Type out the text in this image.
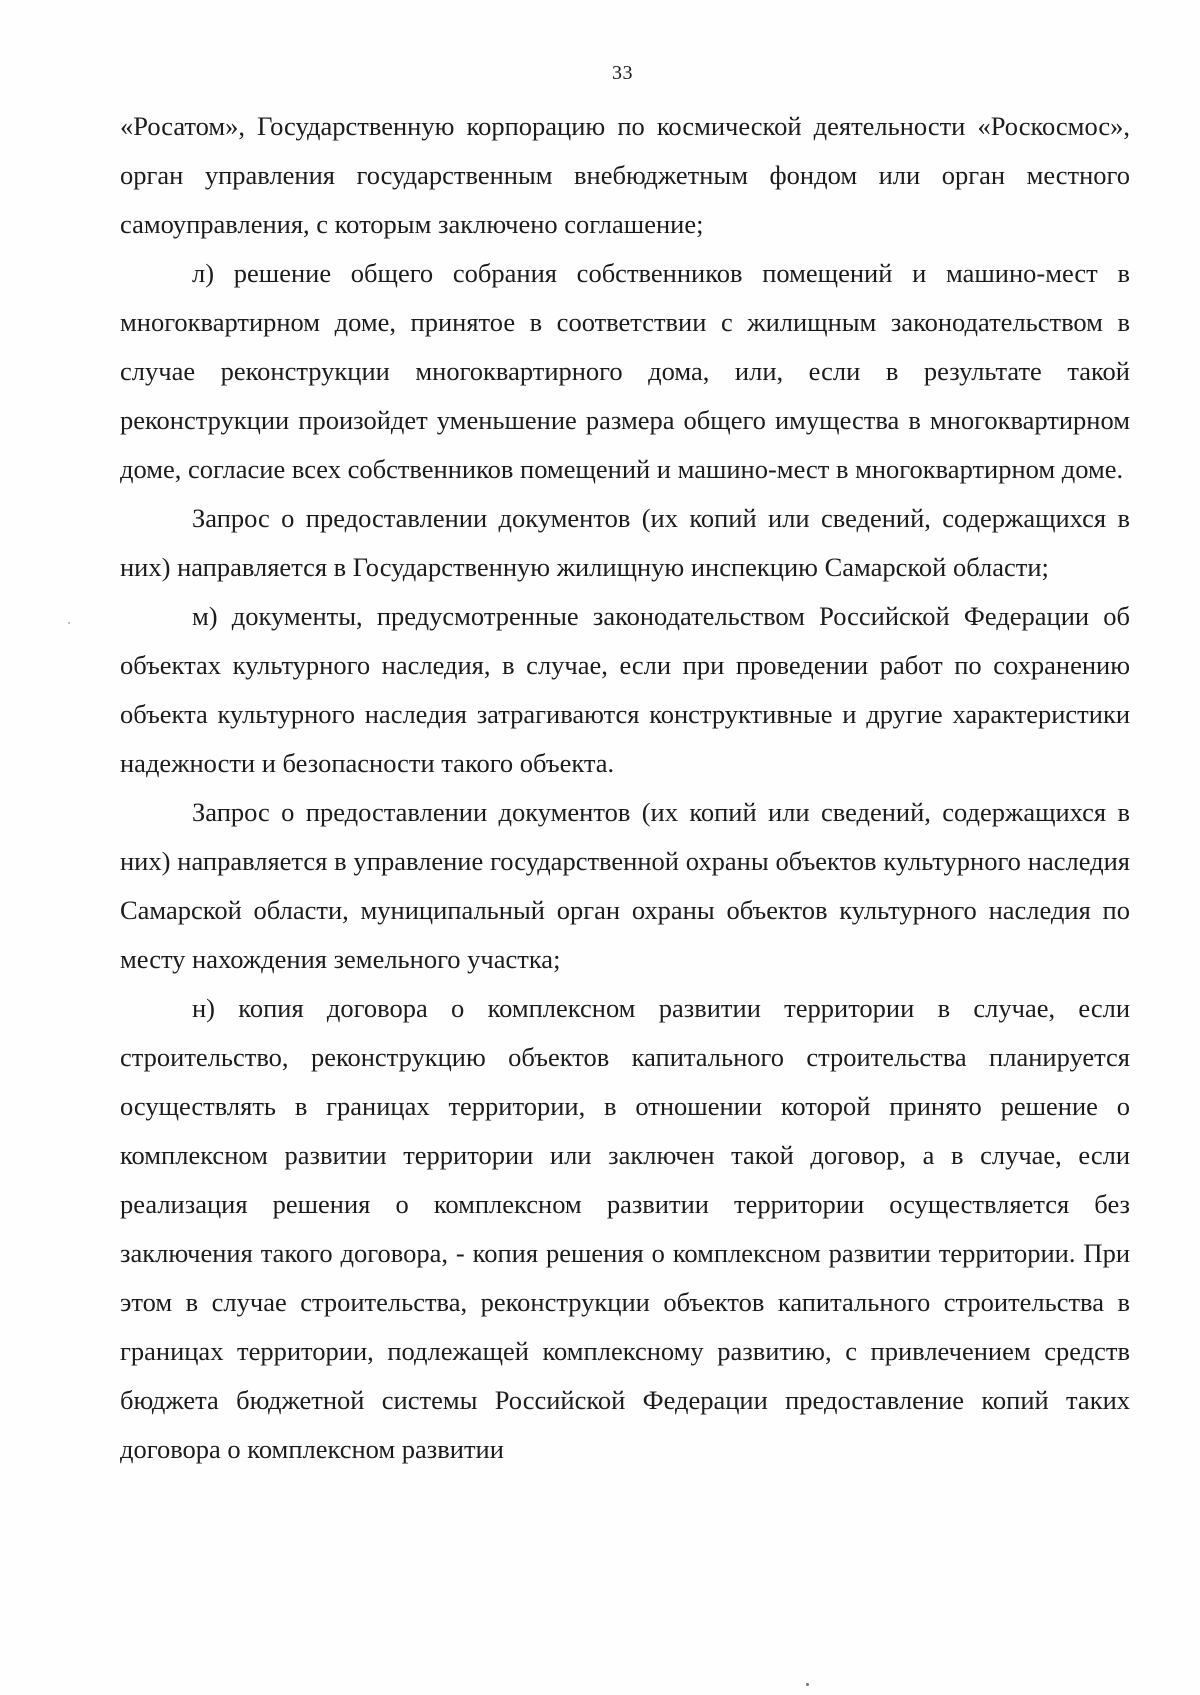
33

«Росатом», Государственную корпорацию по космической деятельности «Роскосмос», орган управления государственным внебюджетным фондом или орган местного самоуправления, с которым заключено соглашение;

л) решение общего собрания собственников помещений и машино-мест в многоквартирном доме, принятое в соответствии с жилищным законодательством в случае реконструкции многоквартирного дома, или, если в результате такой реконструкции произойдет уменьшение размера общего имущества в многоквартирном доме, согласие всех собственников помещений и машино-мест в многоквартирном доме.

Запрос о предоставлении документов (их копий или сведений, содержащихся в них) направляется в Государственную жилищную инспекцию Самарской области;

м) документы, предусмотренные законодательством Российской Федерации об объектах культурного наследия, в случае, если при проведении работ по сохранению объекта культурного наследия затрагиваются конструктивные и другие характеристики надежности и безопасности такого объекта.

Запрос о предоставлении документов (их копий или сведений, содержащихся в них) направляется в управление государственной охраны объектов культурного наследия Самарской области, муниципальный орган охраны объектов культурного наследия по месту нахождения земельного участка;

н) копия договора о комплексном развитии территории в случае, если строительство, реконструкцию объектов капитального строительства планируется осуществлять в границах территории, в отношении которой принято решение о комплексном развитии территории или заключен такой договор, а в случае, если реализация решения о комплексном развитии территории осуществляется без заключения такого договора, - копия решения о комплексном развитии территории. При этом в случае строительства, реконструкции объектов капитального строительства в границах территории, подлежащей комплексному развитию, с привлечением средств бюджета бюджетной системы Российской Федерации предоставление копий таких договора о комплексном развитии
